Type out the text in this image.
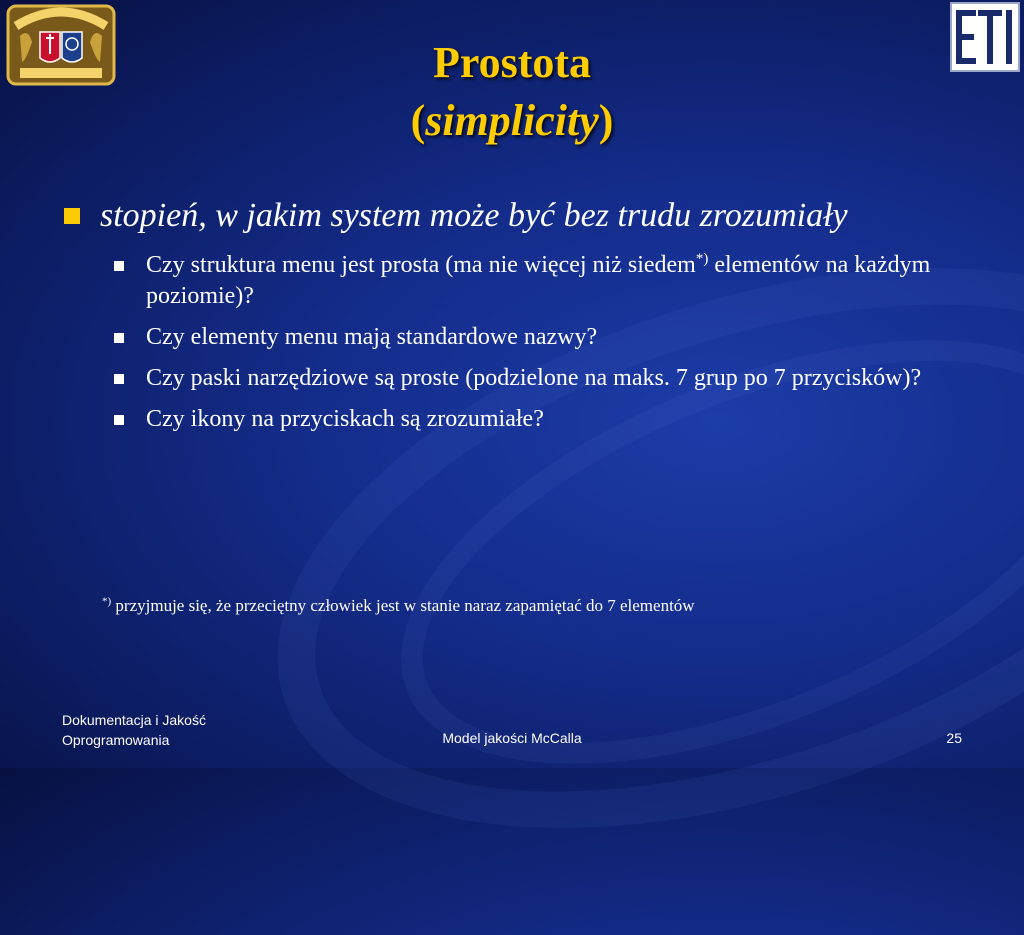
Prostota
(simplicity)
stopień, w jakim system może być bez trudu zrozumiały
Czy struktura menu jest prosta (ma nie więcej niż siedem*) elementów na każdym poziomie)?
Czy elementy menu mają standardowe nazwy?
Czy paski narzędziowe są proste (podzielone na maks. 7 grup po 7 przycisków)?
Czy ikony na przyciskach są zrozumiałe?
*) przyjmuje się, że przeciętny człowiek jest w stanie naraz zapamiętać do 7 elementów
Dokumentacja i Jakość
Oprogramowania	Model jakości McCalla	25
